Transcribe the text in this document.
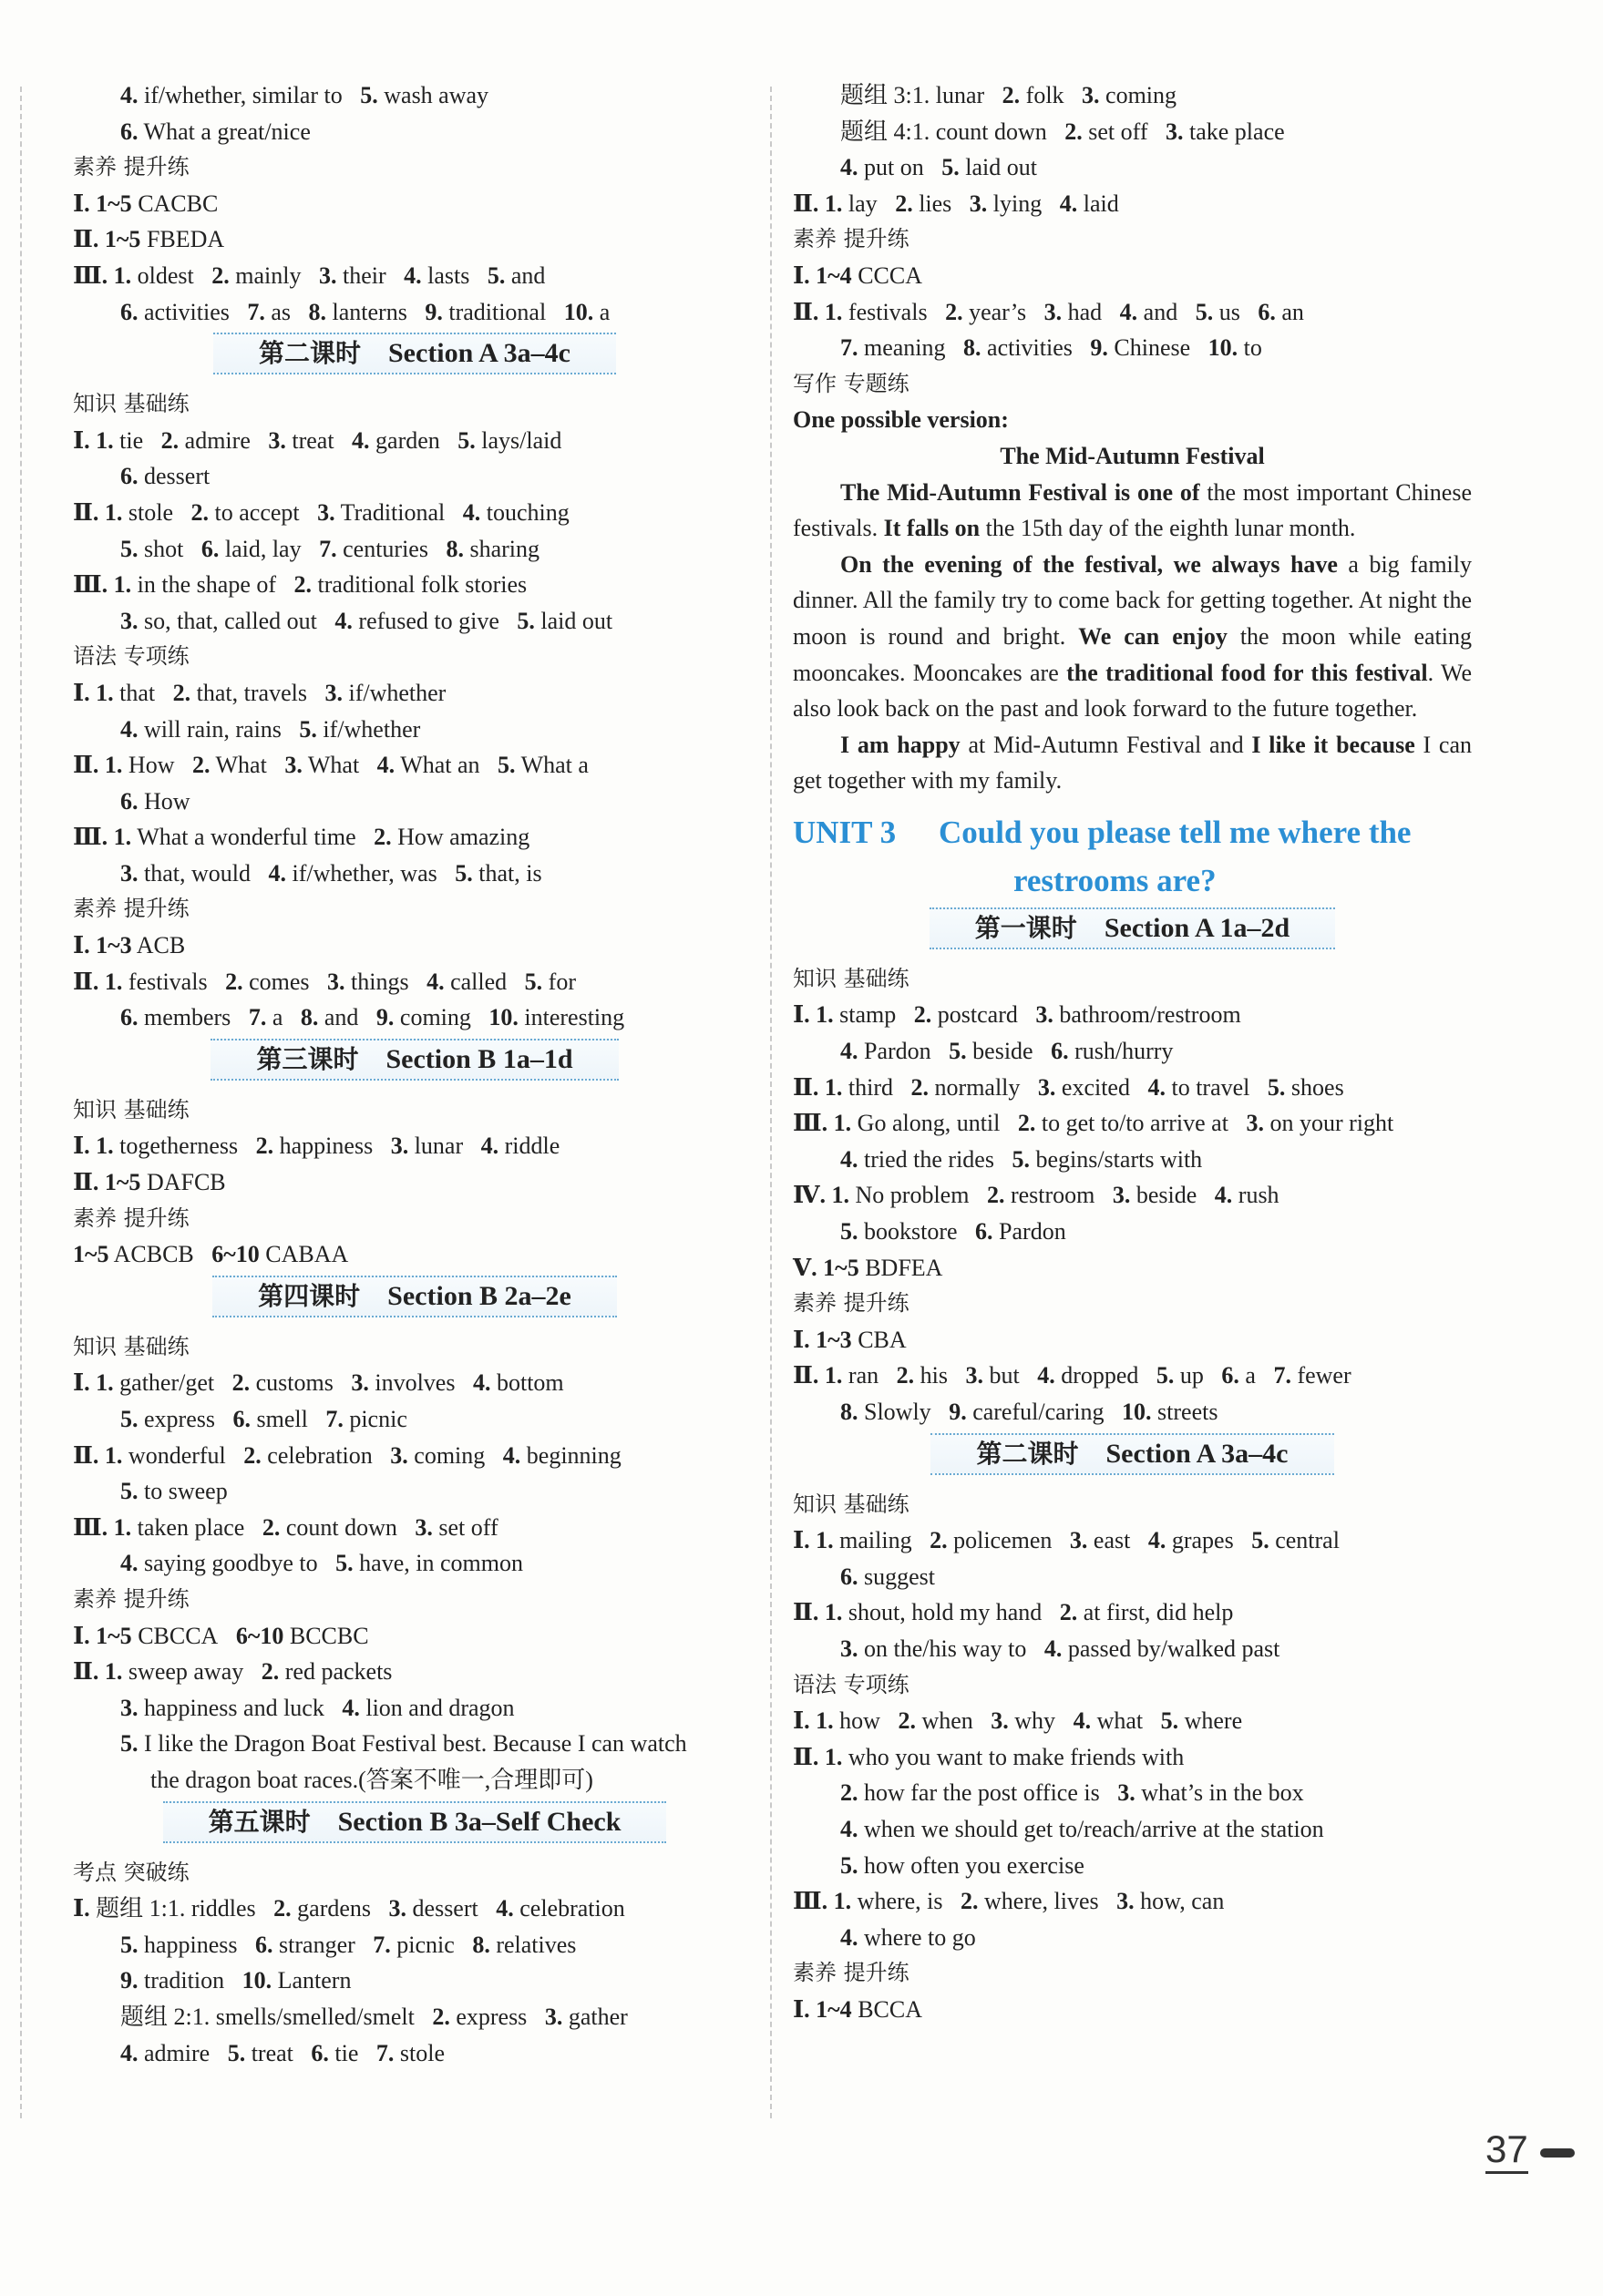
4. if/whether, similar to 5. wash away
6. What a great/nice
素养 提升练
Ⅰ. 1~5 CACBC
Ⅱ. 1~5 FBEDA
Ⅲ. 1. oldest 2. mainly 3. their 4. lasts 5. and
6. activities 7. as 8. lanterns 9. traditional 10. a
第二课时 Section A 3a–4c
知识 基础练
Ⅰ. 1. tie 2. admire 3. treat 4. garden 5. lays/laid
6. dessert
Ⅱ. 1. stole 2. to accept 3. Traditional 4. touching
5. shot 6. laid, lay 7. centuries 8. sharing
Ⅲ. 1. in the shape of 2. traditional folk stories
3. so, that, called out 4. refused to give 5. laid out
语法 专项练
Ⅰ. 1. that 2. that, travels 3. if/whether
4. will rain, rains 5. if/whether
Ⅱ. 1. How 2. What 3. What 4. What an 5. What a
6. How
Ⅲ. 1. What a wonderful time 2. How amazing
3. that, would 4. if/whether, was 5. that, is
素养 提升练
Ⅰ. 1~3 ACB
Ⅱ. 1. festivals 2. comes 3. things 4. called 5. for
6. members 7. a 8. and 9. coming 10. interesting
第三课时 Section B 1a–1d
知识 基础练
Ⅰ. 1. togetherness 2. happiness 3. lunar 4. riddle
Ⅱ. 1~5 DAFCB
素养 提升练
1~5 ACBCB 6~10 CABAA
第四课时 Section B 2a–2e
知识 基础练
Ⅰ. 1. gather/get 2. customs 3. involves 4. bottom
5. express 6. smell 7. picnic
Ⅱ. 1. wonderful 2. celebration 3. coming 4. beginning
5. to sweep
Ⅲ. 1. taken place 2. count down 3. set off
4. saying goodbye to 5. have, in common
素养 提升练
Ⅰ. 1~5 CBCCA 6~10 BCCBC
Ⅱ. 1. sweep away 2. red packets
3. happiness and luck 4. lion and dragon
5. I like the Dragon Boat Festival best. Because I can watch
the dragon boat races.(答案不唯一,合理即可)
第五课时 Section B 3a–Self Check
考点 突破练
Ⅰ. 题组 1:1. riddles 2. gardens 3. dessert 4. celebration
5. happiness 6. stranger 7. picnic 8. relatives
9. tradition 10. Lantern
题组 2:1. smells/smelled/smelt 2. express 3. gather
4. admire 5. treat 6. tie 7. stole
题组 3:1. lunar 2. folk 3. coming
题组 4:1. count down 2. set off 3. take place
4. put on 5. laid out
Ⅱ. 1. lay 2. lies 3. lying 4. laid
素养 提升练
Ⅰ. 1~4 CCCA
Ⅱ. 1. festivals 2. year’s 3. had 4. and 5. us 6. an
7. meaning 8. activities 9. Chinese 10. to
写作 专题练
One possible version:
The Mid-Autumn Festival
The Mid-Autumn Festival is one of the most important Chinese festivals. It falls on the 15th day of the eighth lunar month.
On the evening of the festival, we always have a big family dinner. All the family try to come back for getting together. At night the moon is round and bright. We can enjoy the moon while eating mooncakes. Mooncakes are the traditional food for this festival. We also look back on the past and look forward to the future together.
I am happy at Mid-Autumn Festival and I like it because I can get together with my family.
UNIT 3 Could you please tell me where the
restrooms are?
第一课时 Section A 1a–2d
知识 基础练
Ⅰ. 1. stamp 2. postcard 3. bathroom/restroom
4. Pardon 5. beside 6. rush/hurry
Ⅱ. 1. third 2. normally 3. excited 4. to travel 5. shoes
Ⅲ. 1. Go along, until 2. to get to/to arrive at 3. on your right
4. tried the rides 5. begins/starts with
Ⅳ. 1. No problem 2. restroom 3. beside 4. rush
5. bookstore 6. Pardon
Ⅴ. 1~5 BDFEA
素养 提升练
Ⅰ. 1~3 CBA
Ⅱ. 1. ran 2. his 3. but 4. dropped 5. up 6. a 7. fewer
8. Slowly 9. careful/caring 10. streets
第二课时 Section A 3a–4c
知识 基础练
Ⅰ. 1. mailing 2. policemen 3. east 4. grapes 5. central
6. suggest
Ⅱ. 1. shout, hold my hand 2. at first, did help
3. on the/his way to 4. passed by/walked past
语法 专项练
Ⅰ. 1. how 2. when 3. why 4. what 5. where
Ⅱ. 1. who you want to make friends with
2. how far the post office is 3. what’s in the box
4. when we should get to/reach/arrive at the station
5. how often you exercise
Ⅲ. 1. where, is 2. where, lives 3. how, can
4. where to go
素养 提升练
Ⅰ. 1~4 BCCA
37
